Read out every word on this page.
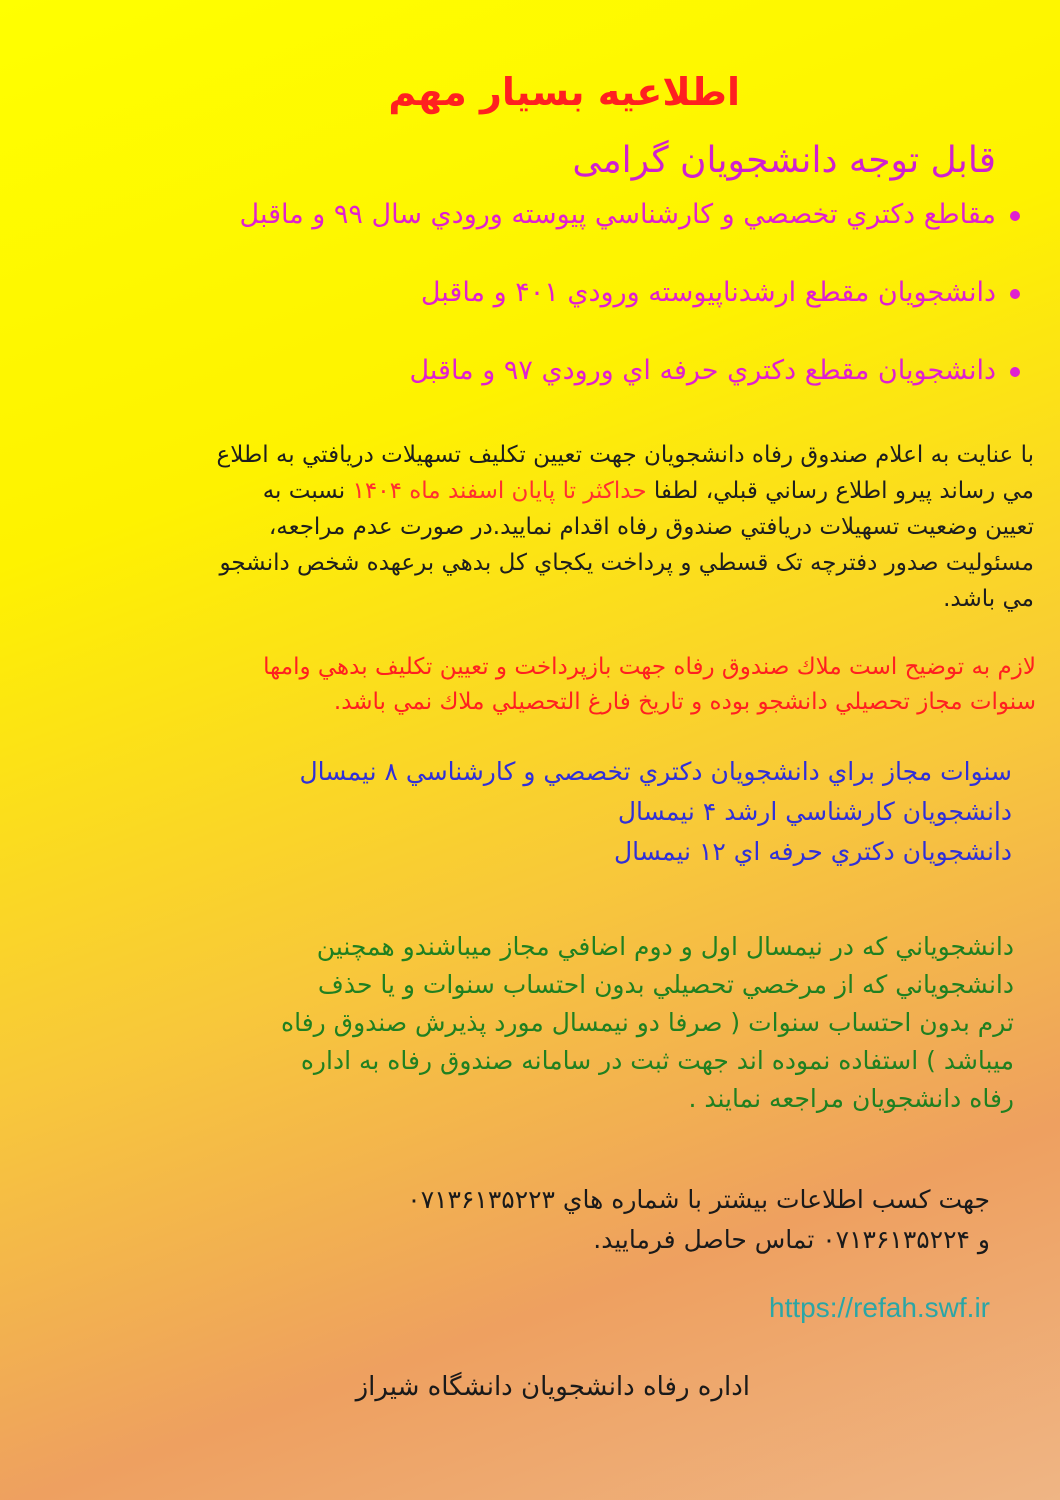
اطلاعیه بسیار مهم
قابل توجه دانشجویان گرامی
مقاطع دكتري تخصصي و كارشناسي پيوسته ورودي سال ۹۹ و ماقبل
دانشجويان مقطع ارشدناپيوسته ورودي ۴۰۱ و ماقبل
دانشجويان مقطع دكتري حرفه اي ورودي ۹۷ و ماقبل
با عنايت به اعلام صندوق رفاه دانشجويان جهت تعيين تكليف تسهيلات دريافتي به اطلاع
مي رساند پيرو اطلاع رساني قبلي، لطفا حداکثر تا پایان اسفند ماه ۱۴۰۴ نسبت به
تعيين وضعيت تسهيلات دريافتي صندوق رفاه اقدام نماييد.در صورت عدم مراجعه،
مسئوليت صدور دفترچه تک قسطي و پرداخت يكجاي كل بدهي برعهده شخص دانشجو
مي باشد.
لازم به توضيح است ملاك صندوق رفاه جهت بازپرداخت و تعيين تكليف بدهي وامها
سنوات مجاز تحصيلي دانشجو بوده و تاريخ فارغ التحصيلي ملاك نمي باشد.
سنوات مجاز براي دانشجويان دكتري تخصصي و كارشناسي ۸ نيمسال
دانشجويان كارشناسي ارشد ۴ نيمسال
دانشجويان دكتري حرفه اي ۱۲ نيمسال
دانشجوياني كه در نيمسال اول و دوم اضافي مجاز ميباشندو همچنين
دانشجوياني كه از مرخصي تحصيلي بدون احتساب سنوات و يا حذف
ترم بدون احتساب سنوات ( صرفا دو نيمسال مورد پذيرش صندوق رفاه
ميباشد ) استفاده نموده اند جهت ثبت در سامانه صندوق رفاه به اداره
رفاه دانشجويان مراجعه نمايند .
جهت كسب اطلاعات بيشتر با شماره هاي ۰۷۱۳۶۱۳۵۲۲۳
و ۰۷۱۳۶۱۳۵۲۲۴ تماس حاصل فرماييد.
https://refah.swf.ir
اداره رفاه دانشجویان دانشگاه شیراز
